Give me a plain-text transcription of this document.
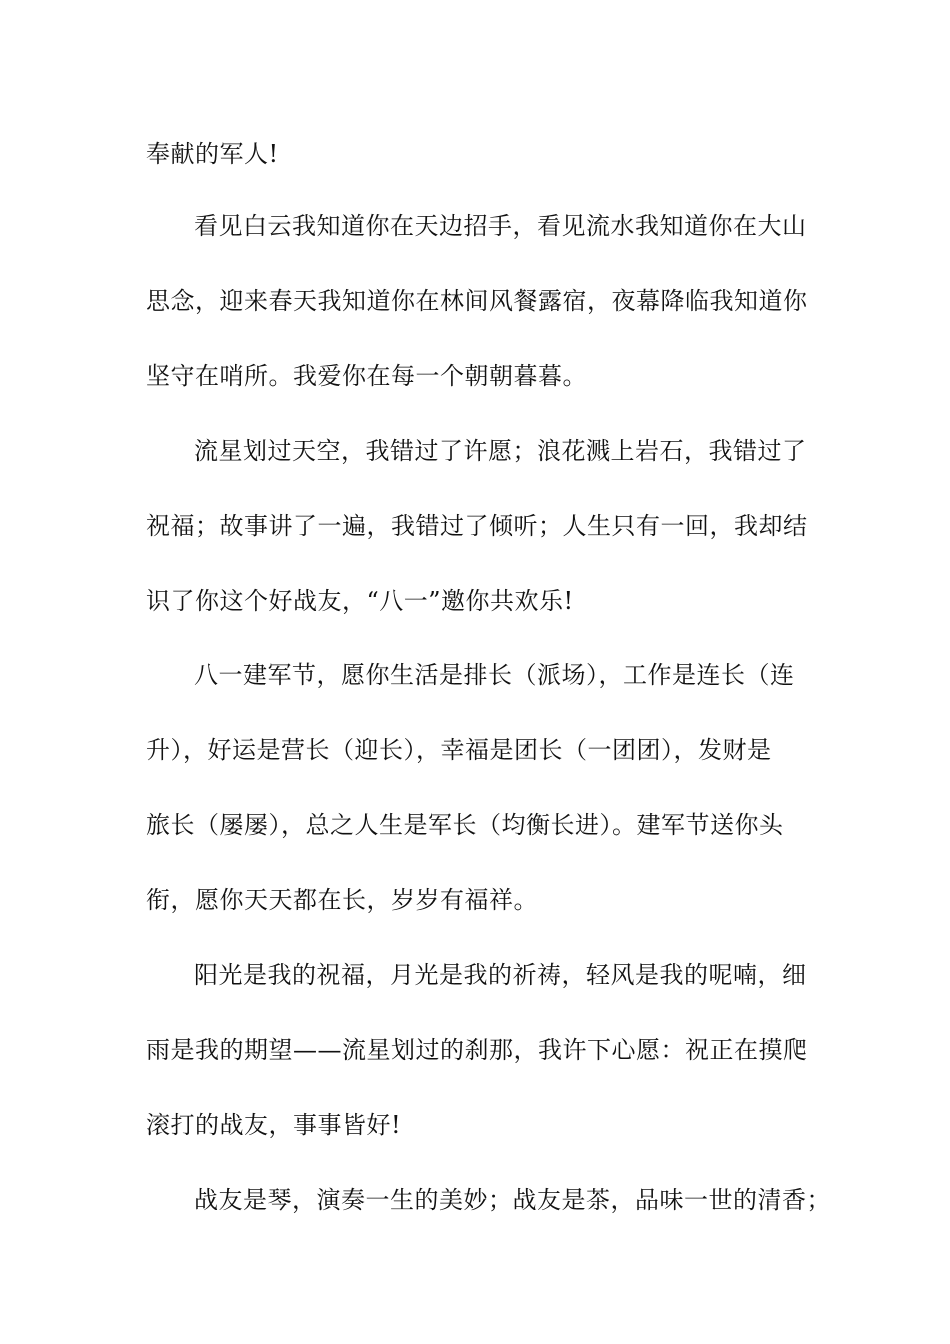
奉献的军人!
看见白云我知道你在天边招手，看见流水我知道你在大山
思念，迎来春天我知道你在林间风餐露宿，夜幕降临我知道你
坚守在哨所。我爱你在每一个朝朝暮暮。
流星划过天空，我错过了许愿；浪花溅上岩石，我错过了
祝福；故事讲了一遍，我错过了倾听；人生只有一回，我却结
识了你这个好战友，“八一”邀你共欢乐!
八一建军节，愿你生活是排长（派场），工作是连长（连
升），好运是营长（迎长），幸福是团长（一团团），发财是
旅长（屡屡），总之人生是军长（均衡长进）。建军节送你头
衔，愿你天天都在长，岁岁有福祥。
阳光是我的祝福，月光是我的祈祷，轻风是我的呢喃，细
雨是我的期望——流星划过的刹那，我许下心愿：祝正在摸爬
滚打的战友，事事皆好!
战友是琴，演奏一生的美妙；战友是茶，品味一世的清香；
